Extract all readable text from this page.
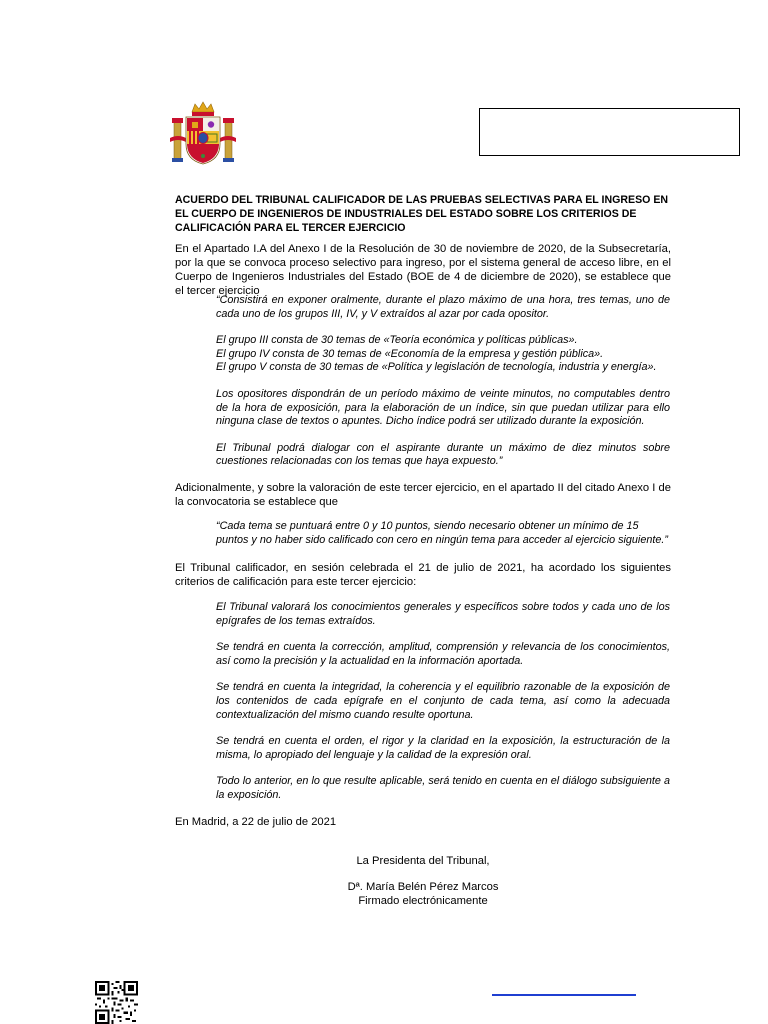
ACUERDO DEL TRIBUNAL CALIFICADOR DE LAS PRUEBAS SELECTIVAS PARA EL INGRESO EN EL CUERPO DE INGENIEROS DE INDUSTRIALES DEL ESTADO SOBRE LOS CRITERIOS DE CALIFICACIÓN PARA EL TERCER EJERCICIO
En el Apartado I.A del Anexo I de la Resolución de 30 de noviembre de 2020, de la Subsecretaría, por la que se convoca proceso selectivo para ingreso, por el sistema general de acceso libre, en el Cuerpo de Ingenieros Industriales del Estado (BOE de 4 de diciembre de 2020), se establece que el tercer ejercicio

“Consistirá en exponer oralmente, durante el plazo máximo de una hora, tres temas, uno de cada uno de los grupos III, IV, y V extraídos al azar por cada opositor.

El grupo III consta de 30 temas de «Teoría económica y políticas públicas».

El grupo IV consta de 30 temas de «Economía de la empresa y gestión pública».

El grupo V consta de 30 temas de «Política y legislación de tecnología, industria y energía».

Los opositores dispondrán de un período máximo de veinte minutos, no computables dentro de la hora de exposición, para la elaboración de un índice, sin que puedan utilizar para ello ninguna clase de textos o apuntes. Dicho índice podrá ser utilizado durante la exposición.

El Tribunal podrá dialogar con el aspirante durante un máximo de diez minutos sobre cuestiones relacionadas con los temas que haya expuesto.”

Adicionalmente, y sobre la valoración de este tercer ejercicio, en el apartado II del citado Anexo I de la convocatoria se establece que
“Cada tema se puntuará entre 0 y 10 puntos, siendo necesario obtener un mínimo de 15 puntos y no haber sido calificado con cero en ningún tema para acceder al ejercicio siguiente.”
El Tribunal calificador, en sesión celebrada el 21 de julio de 2021, ha acordado los siguientes criterios de calificación para este tercer ejercicio:

El Tribunal valorará los conocimientos generales y específicos sobre todos y cada uno de los epígrafes de los temas extraídos.

Se tendrá en cuenta la corrección, amplitud, comprensión y relevancia de los conocimientos, así como la precisión y la actualidad en la información aportada.

Se tendrá en cuenta la integridad, la coherencia y el equilibrio razonable de la exposición de los contenidos de cada epígrafe en el conjunto de cada tema, así como la adecuada contextualización del mismo cuando resulte oportuna.

Se tendrá en cuenta el orden, el rigor y la claridad en la exposición, la estructuración de la misma, lo apropiado del lenguaje y la calidad de la expresión oral.

Todo lo anterior, en lo que resulte aplicable, será tenido en cuenta en el diálogo subsiguiente a la exposición.

En Madrid, a 22 de julio de 2021
La Presidenta del Tribunal,
Dª. María Belén Pérez Marcos
Firmado electrónicamente
